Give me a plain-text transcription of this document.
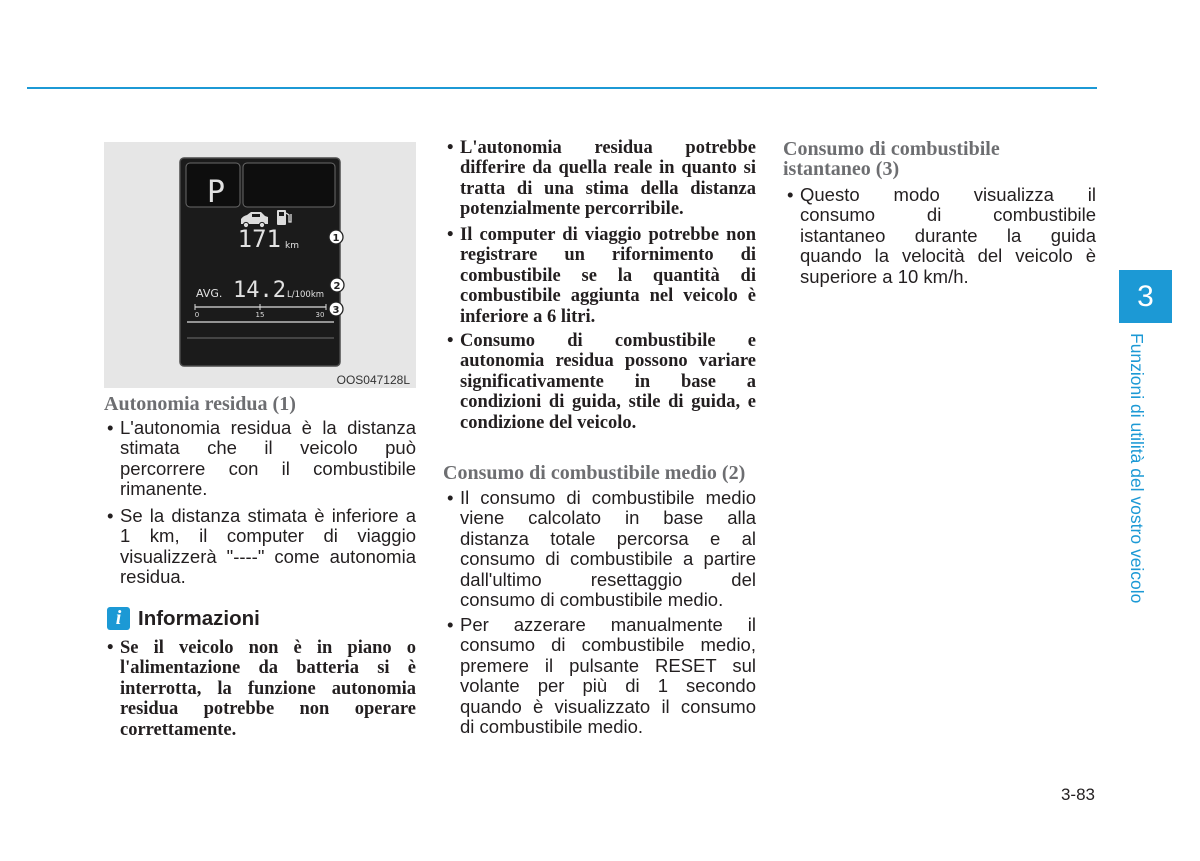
P
171 km
AVG. 14.2 L/100km
0	15	30
1
2
3
OOS047128L
Autonomia residua (1)
• L'autonomia residua è la distanza
stimata che il veicolo può
percorrere con il combustibile
rimanente.
• Se la distanza stimata è inferiore a
1 km, il computer di viaggio
visualizzerà "----" come autonomia
residua.
i Informazioni
• Se il veicolo non è in piano o
l'alimentazione da batteria si è
interrotta, la funzione autonomia
residua potrebbe non operare
correttamente.
• L'autonomia residua potrebbe
differire da quella reale in quanto si
tratta di una stima della distanza
potenzialmente percorribile.
• Il computer di viaggio potrebbe non
registrare un rifornimento di
combustibile se la quantità di
combustibile aggiunta nel veicolo è
inferiore a 6 litri.
• Consumo di combustibile e
autonomia residua possono variare
significativamente in base a
condizioni di guida, stile di guida, e
condizione del veicolo.
Consumo di combustibile medio (2)
• Il consumo di combustibile medio
viene calcolato in base alla
distanza totale percorsa e al
consumo di combustibile a partire
dall'ultimo resettaggio del
consumo di combustibile medio.
• Per azzerare manualmente il
consumo di combustibile medio,
premere il pulsante RESET sul
volante per più di 1 secondo
quando è visualizzato il consumo
di combustibile medio.
Consumo di combustibile
istantaneo (3)
• Questo modo visualizza il
consumo di combustibile
istantaneo durante la guida
quando la velocità del veicolo è
superiore a 10 km/h.
3
Funzioni di utilità del vostro veicolo
3-83
